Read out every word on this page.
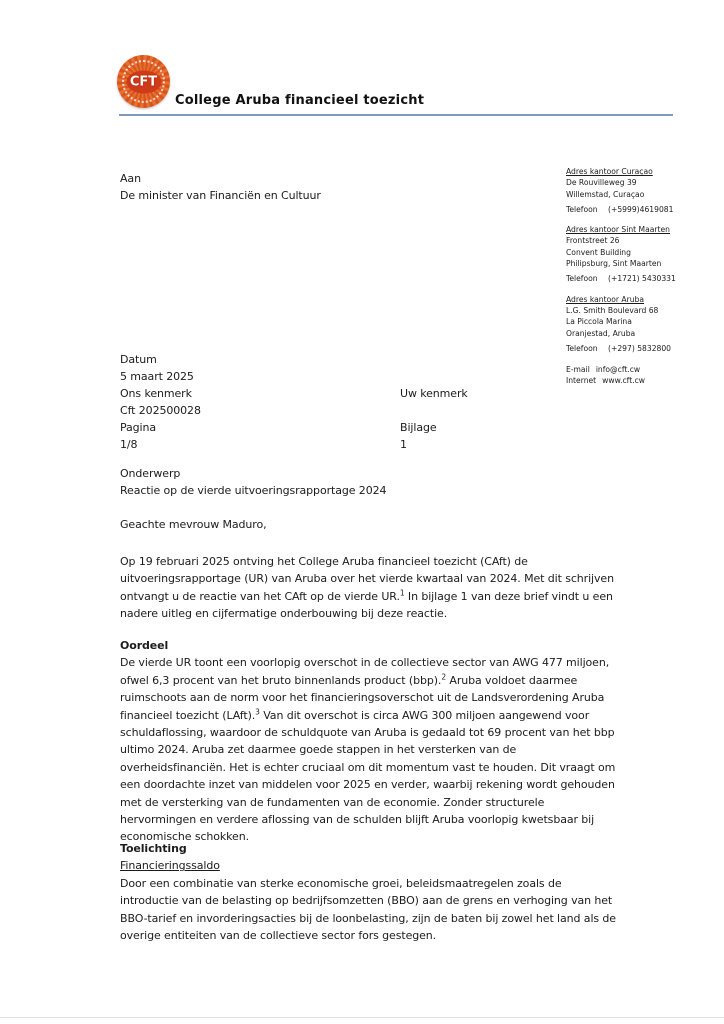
CFT
College Aruba financieel toezicht
Aan
De minister van Financiën en Cultuur
Adres kantoor Curaçao
De Rouvilleweg 39
Willemstad, Curaçao
Telefoon (+5999)4619081
Adres kantoor Sint Maarten
Frontstreet 26
Convent Building
Philipsburg, Sint Maarten
Telefoon (+1721) 5430331
Adres kantoor Aruba
L.G. Smith Boulevard 68
La Piccola Marina
Oranjestad, Aruba
Telefoon (+297) 5832800
E-mail info@cft.cw
Internet www.cft.cw
Datum
5 maart 2025
Ons kenmerk	Uw kenmerk
Cft 202500028
Pagina	Bijlage
1/8	1
Onderwerp
Reactie op de vierde uitvoeringsrapportage 2024
Geachte mevrouw Maduro,
Op 19 februari 2025 ontving het College Aruba financieel toezicht (CAft) de uitvoeringsrapportage (UR) van Aruba over het vierde kwartaal van 2024. Met dit schrijven ontvangt u de reactie van het CAft op de vierde UR.$^1$ In bijlage 1 van deze brief vindt u een nadere uitleg en cijfermatige onderbouwing bij deze reactie.
Oordeel
De vierde UR toont een voorlopig overschot in de collectieve sector van AWG 477 miljoen, ofwel 6,3 procent van het bruto binnenlands product (bbp).$^2$ Aruba voldoet daarmee ruimschoots aan de norm voor het financieringsoverschot uit de Landsverordening Aruba financieel toezicht (LAft).$^3$ Van dit overschot is circa AWG 300 miljoen aangewend voor schuldaflossing, waardoor de schuldquote van Aruba is gedaald tot 69 procent van het bbp ultimo 2024. Aruba zet daarmee goede stappen in het versterken van de overheidsfinanciën. Het is echter cruciaal om dit momentum vast te houden. Dit vraagt om een doordachte inzet van middelen voor 2025 en verder, waarbij rekening wordt gehouden met de versterking van de fundamenten van de economie. Zonder structurele hervormingen en verdere aflossing van de schulden blijft Aruba voorlopig kwetsbaar bij economische schokken.
Toelichting
Financieringssaldo
Door een combinatie van sterke economische groei, beleidsmaatregelen zoals de introductie van de belasting op bedrijfsomzetten (BBO) aan de grens en verhoging van het BBO-tarief en invorderingsacties bij de loonbelasting, zijn de baten bij zowel het land als de overige entiteiten van de collectieve sector fors gestegen.
